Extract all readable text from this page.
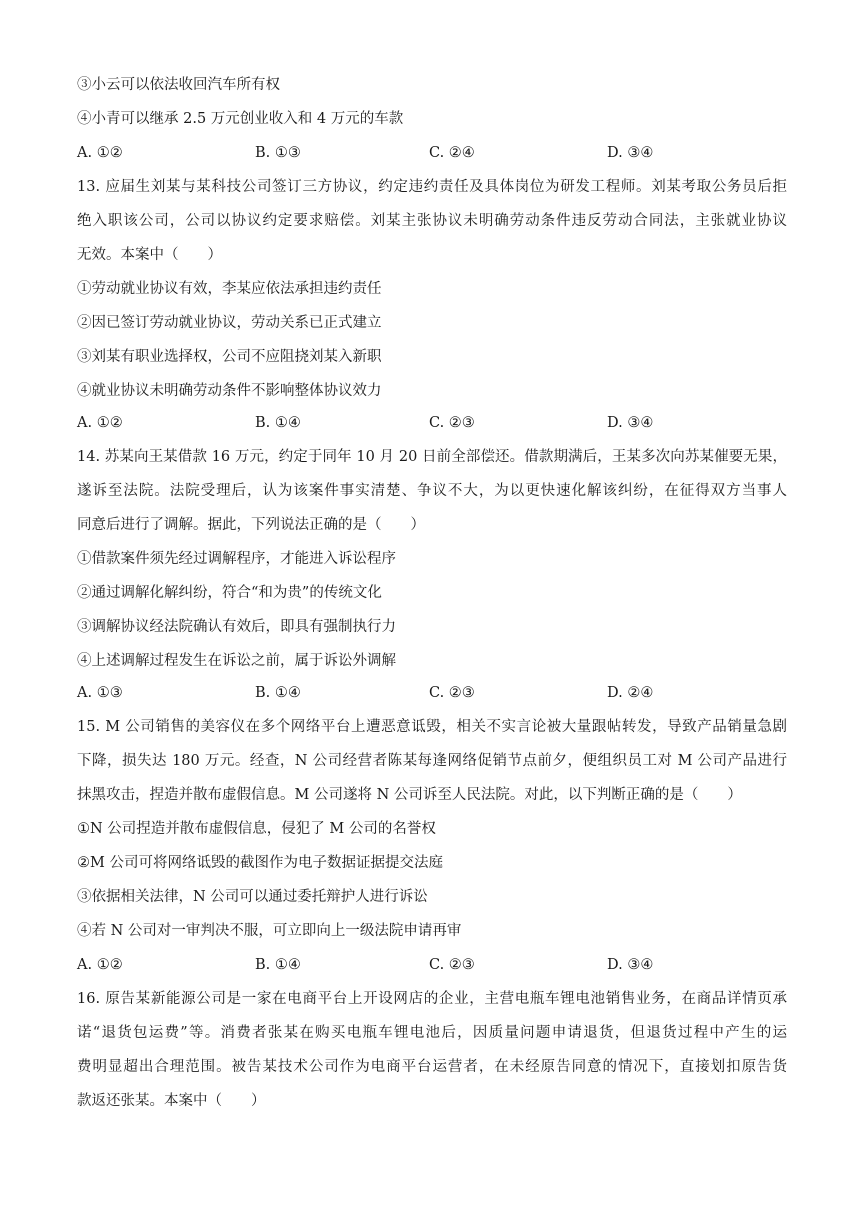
③小云可以依法收回汽车所有权
④小青可以继承 2.5 万元创业收入和 4 万元的车款
A. ①②	B. ①③	C. ②④	D. ③④
13. 应届生刘某与某科技公司签订三方协议，约定违约责任及具体岗位为研发工程师。刘某考取公务员后拒
绝入职该公司，公司以协议约定要求赔偿。刘某主张协议未明确劳动条件违反劳动合同法，主张就业协议
无效。本案中（　　）
①劳动就业协议有效，李某应依法承担违约责任
②因已签订劳动就业协议，劳动关系已正式建立
③刘某有职业选择权，公司不应阻挠刘某入新职
④就业协议未明确劳动条件不影响整体协议效力
A. ①②	B. ①④	C. ②③	D. ③④
14. 苏某向王某借款 16 万元，约定于同年 10 月 20 日前全部偿还。借款期满后，王某多次向苏某催要无果，
遂诉至法院。法院受理后，认为该案件事实清楚、争议不大，为以更快速化解该纠纷，在征得双方当事人
同意后进行了调解。据此，下列说法正确的是（　　）
①借款案件须先经过调解程序，才能进入诉讼程序
②通过调解化解纠纷，符合“和为贵”的传统文化
③调解协议经法院确认有效后，即具有强制执行力
④上述调解过程发生在诉讼之前，属于诉讼外调解
A. ①③	B. ①④	C. ②③	D. ②④
15. M 公司销售的美容仪在多个网络平台上遭恶意诋毁，相关不实言论被大量跟帖转发，导致产品销量急剧
下降，损失达 180 万元。经查，N 公司经营者陈某每逢网络促销节点前夕，便组织员工对 M 公司产品进行
抹黑攻击，捏造并散布虚假信息。M 公司遂将 N 公司诉至人民法院。对此，以下判断正确的是（　　）
①N 公司捏造并散布虚假信息，侵犯了 M 公司的名誉权
②M 公司可将网络诋毁的截图作为电子数据证据提交法庭
③依据相关法律，N 公司可以通过委托辩护人进行诉讼
④若 N 公司对一审判决不服，可立即向上一级法院申请再审
A. ①②	B. ①④	C. ②③	D. ③④
16. 原告某新能源公司是一家在电商平台上开设网店的企业，主营电瓶车锂电池销售业务，在商品详情页承
诺“退货包运费”等。消费者张某在购买电瓶车锂电池后，因质量问题申请退货，但退货过程中产生的运
费明显超出合理范围。被告某技术公司作为电商平台运营者，在未经原告同意的情况下，直接划扣原告货
款返还张某。本案中（　　）
